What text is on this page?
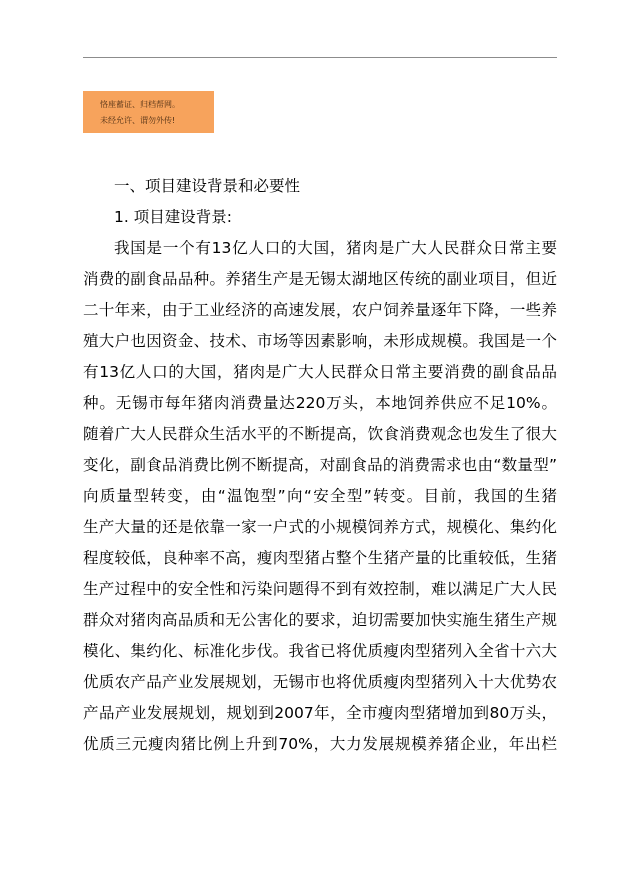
恪座蓄证、归档帮网。
未经允许、谓勿外传!
一、项目建设背景和必要性
1. 项目建设背景:
我国是一个有13亿人口的大国，猪肉是广大人民群众日常主要
消费的副食品品种。养猪生产是无锡太湖地区传统的副业项目，但近
二十年来，由于工业经济的高速发展，农户饲养量逐年下降，一些养
殖大户也因资金、技术、市场等因素影响，未形成规模。我国是一个
有13亿人口的大国，猪肉是广大人民群众日常主要消费的副食品品
种。无锡市每年猪肉消费量达220万头，本地饲养供应不足10%。
随着广大人民群众生活水平的不断提高，饮食消费观念也发生了很大
变化，副食品消费比例不断提高，对副食品的消费需求也由“数量型”
向质量型转变，由“温饱型”向“安全型”转变。目前，我国的生猪
生产大量的还是依靠一家一户式的小规模饲养方式，规模化、集约化
程度较低，良种率不高，瘦肉型猪占整个生猪产量的比重较低，生猪
生产过程中的安全性和污染问题得不到有效控制，难以满足广大人民
群众对猪肉高品质和无公害化的要求，迫切需要加快实施生猪生产规
模化、集约化、标准化步伐。我省已将优质瘦肉型猪列入全省十六大
优质农产品产业发展规划，无锡市也将优质瘦肉型猪列入十大优势农
产品产业发展规划，规划到2007年，全市瘦肉型猪增加到80万头，
优质三元瘦肉猪比例上升到70%，大力发展规模养猪企业，年出栏
